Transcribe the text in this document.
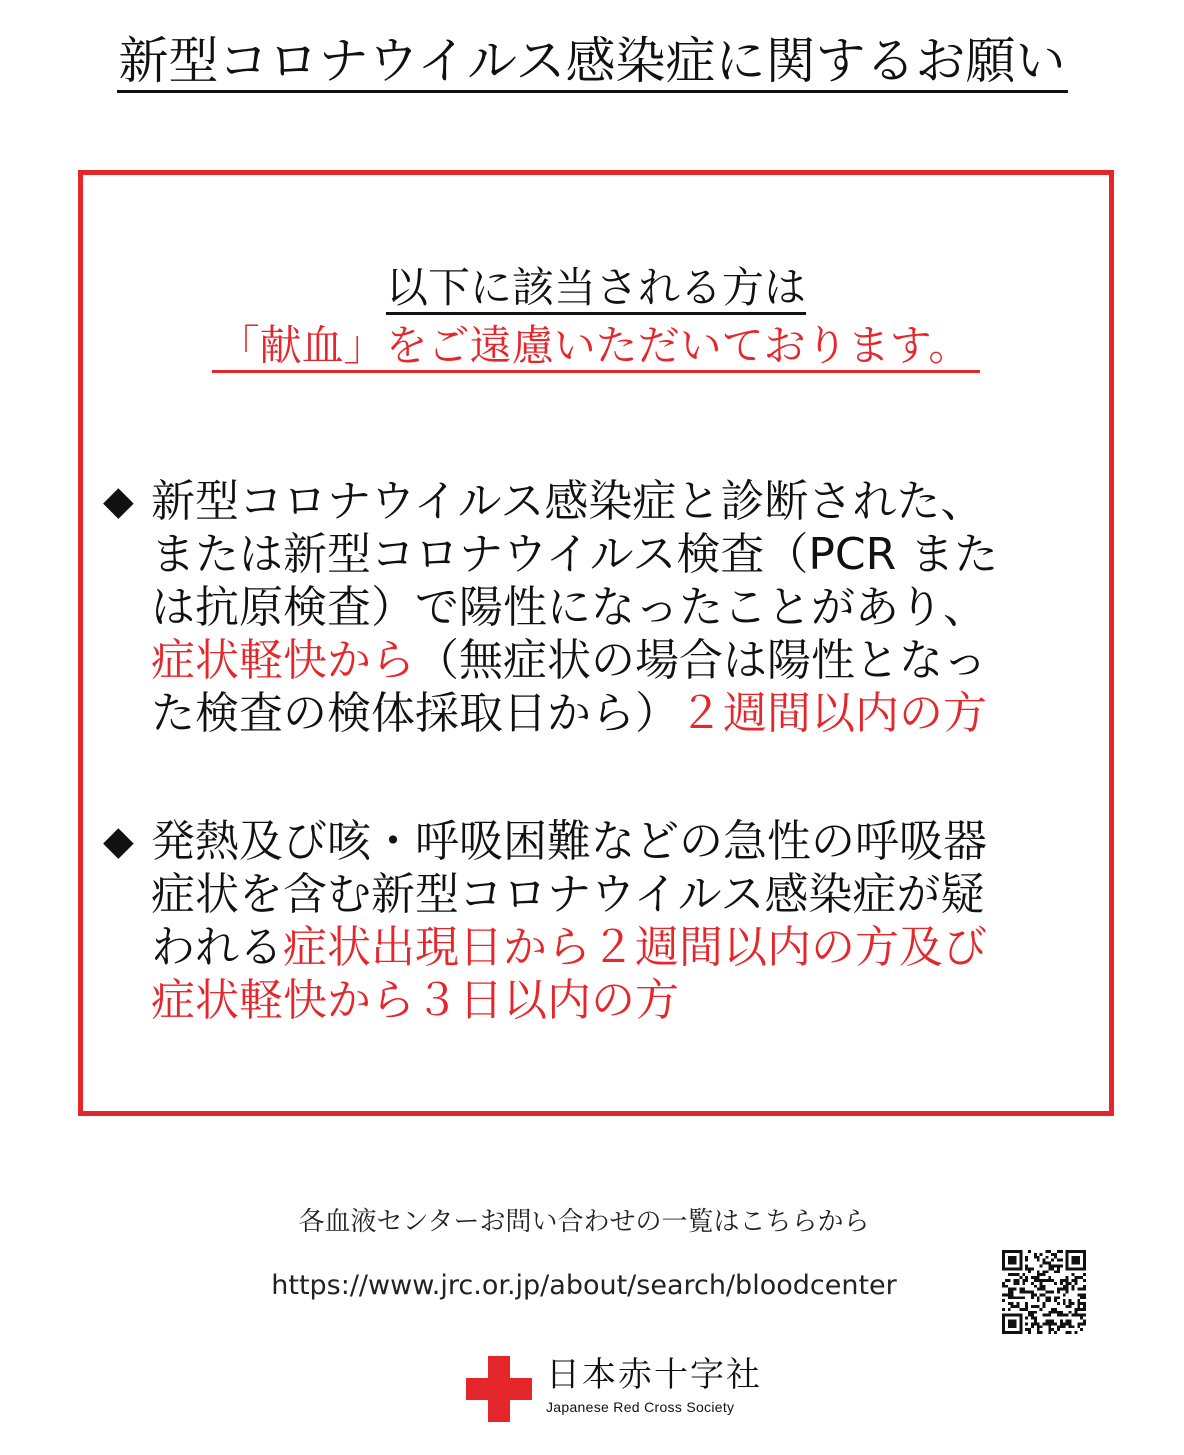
新型コロナウイルス感染症に関するお願い
以下に該当される方は
「献血」をご遠慮いただいております。
◆ 新型コロナウイルス感染症と診断された、
または新型コロナウイルス検査（PCR また
は抗原検査）で陽性になったことがあり、
症状軽快から（無症状の場合は陽性となっ
た検査の検体採取日から）２週間以内の方
◆ 発熱及び咳・呼吸困難などの急性の呼吸器
症状を含む新型コロナウイルス感染症が疑
われる症状出現日から２週間以内の方及び
症状軽快から３日以内の方
各血液センターお問い合わせの一覧はこちらから
https://www.jrc.or.jp/about/search/bloodcenter
日本赤十字社
Japanese Red Cross Society
